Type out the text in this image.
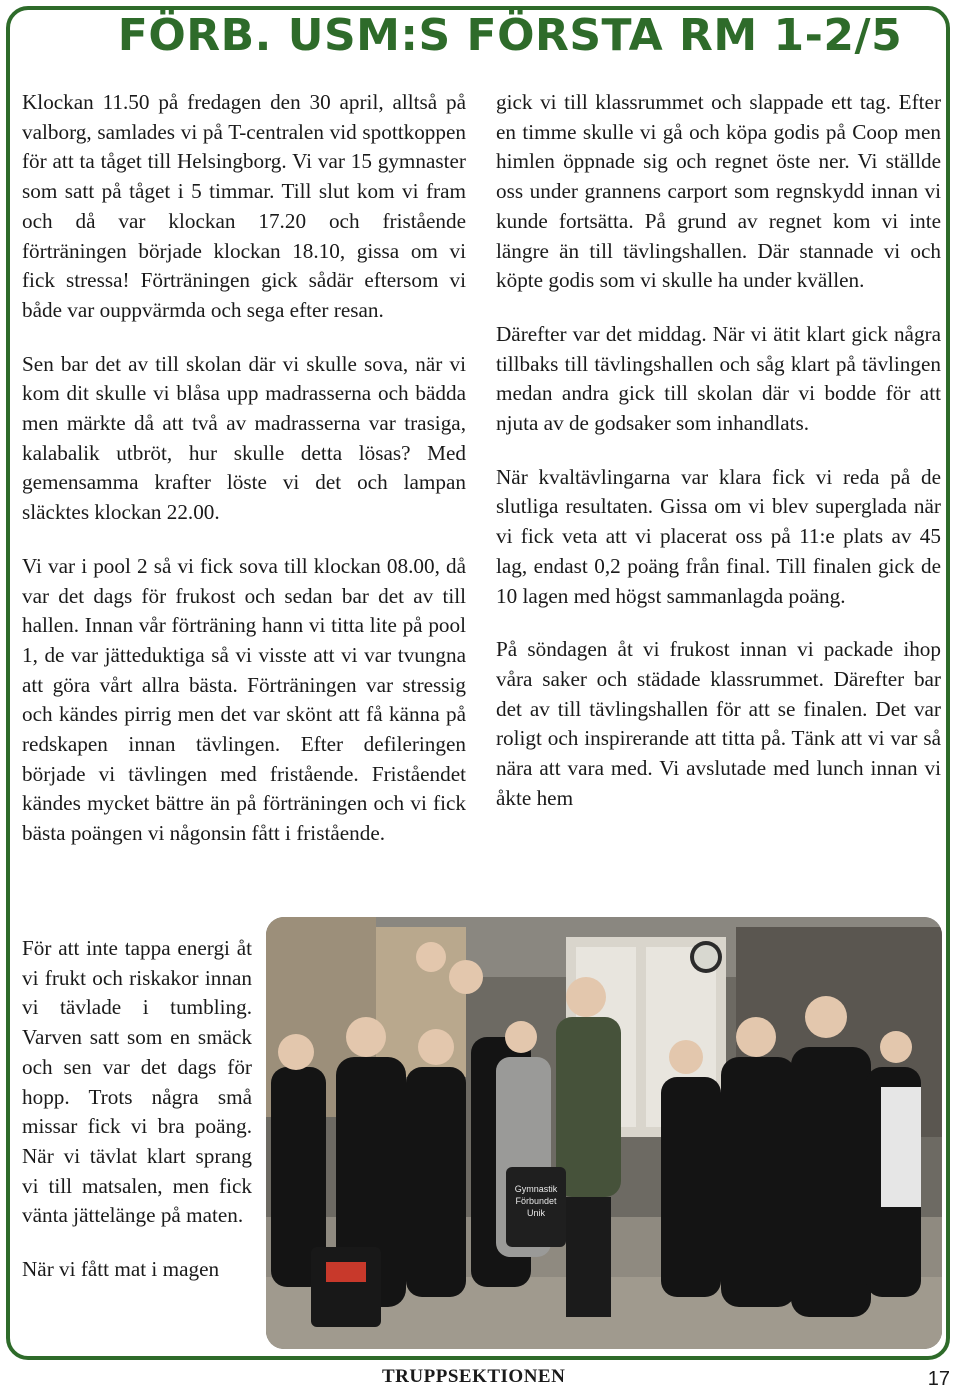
FÖRB. USM:S FÖRSTA RM 1-2/5

Klockan 11.50 på fredagen den 30 april, alltså på valborg, samlades vi på T-centralen vid spottkoppen för att ta tåget till Helsingborg. Vi var 15 gymnaster som satt på tåget i 5 timmar. Till slut kom vi fram och då var klockan 17.20 och fristående förträningen började klockan 18.10, gissa om vi fick stressa! Förträningen gick sådär eftersom vi både var ouppvärmda och sega efter resan.

Sen bar det av till skolan där vi skulle sova, när vi kom dit skulle vi blåsa upp madrasserna och bädda men märkte då att två av madrasserna var trasiga, kalabalik utbröt, hur skulle detta lösas? Med gemensamma krafter löste vi det och lampan släcktes klockan 22.00.

Vi var i pool 2 så vi fick sova till klockan 08.00, då var det dags för frukost och sedan bar det av till hallen. Innan vår förträning hann vi titta lite på pool 1, de var jätteduktiga så vi visste att vi var tvungna att göra vårt allra bästa. Förträningen var stressig och kändes pirrig men det var skönt att få känna på redskapen innan tävlingen. Efter defileringen började vi tävlingen med fristående. Friståendet kändes mycket bättre än på förträningen och vi fick bästa poängen vi någonsin fått i fristående.

För att inte tappa energi åt vi frukt och riskakor innan vi tävlade i tumbling. Varven satt som en smäck och sen var det dags för hopp. Trots några små missar fick vi bra poäng. När vi tävlat klart sprang vi till matsalen, men fick vänta jättelänge på maten.

När vi fått mat i magen

gick vi till klassrummet och slappade ett tag. Efter en timme skulle vi gå och köpa godis på Coop men himlen öppnade sig och regnet öste ner. Vi ställde oss under grannens carport som regnskydd innan vi kunde fortsätta. På grund av regnet kom vi inte längre än till tävlingshallen. Där stannade vi och köpte godis som vi skulle ha under kvällen.

Därefter var det middag. När vi ätit klart gick några tillbaks till tävlingshallen och såg klart på tävlingen medan andra gick till skolan där vi bodde för att njuta av de godsaker som inhandlats.

När kvaltävlingarna var klara fick vi reda på de slutliga resultaten. Gissa om vi blev superglada när vi fick veta att vi placerat oss på 11:e plats av 45 lag, endast 0,2 poäng från final. Till finalen gick de 10 lagen med högst sammanlagda poäng.

På söndagen åt vi frukost innan vi packade ihop våra saker och städade klassrummet. Därefter bar det av till tävlingshallen för att se finalen. Det var roligt och inspirerande att titta på. Tänk att vi var så nära att vara med. Vi avslutade med lunch innan vi åkte hem

Gymnastik
Förbundet
Unik
TRUPPSEKTIONEN	17
